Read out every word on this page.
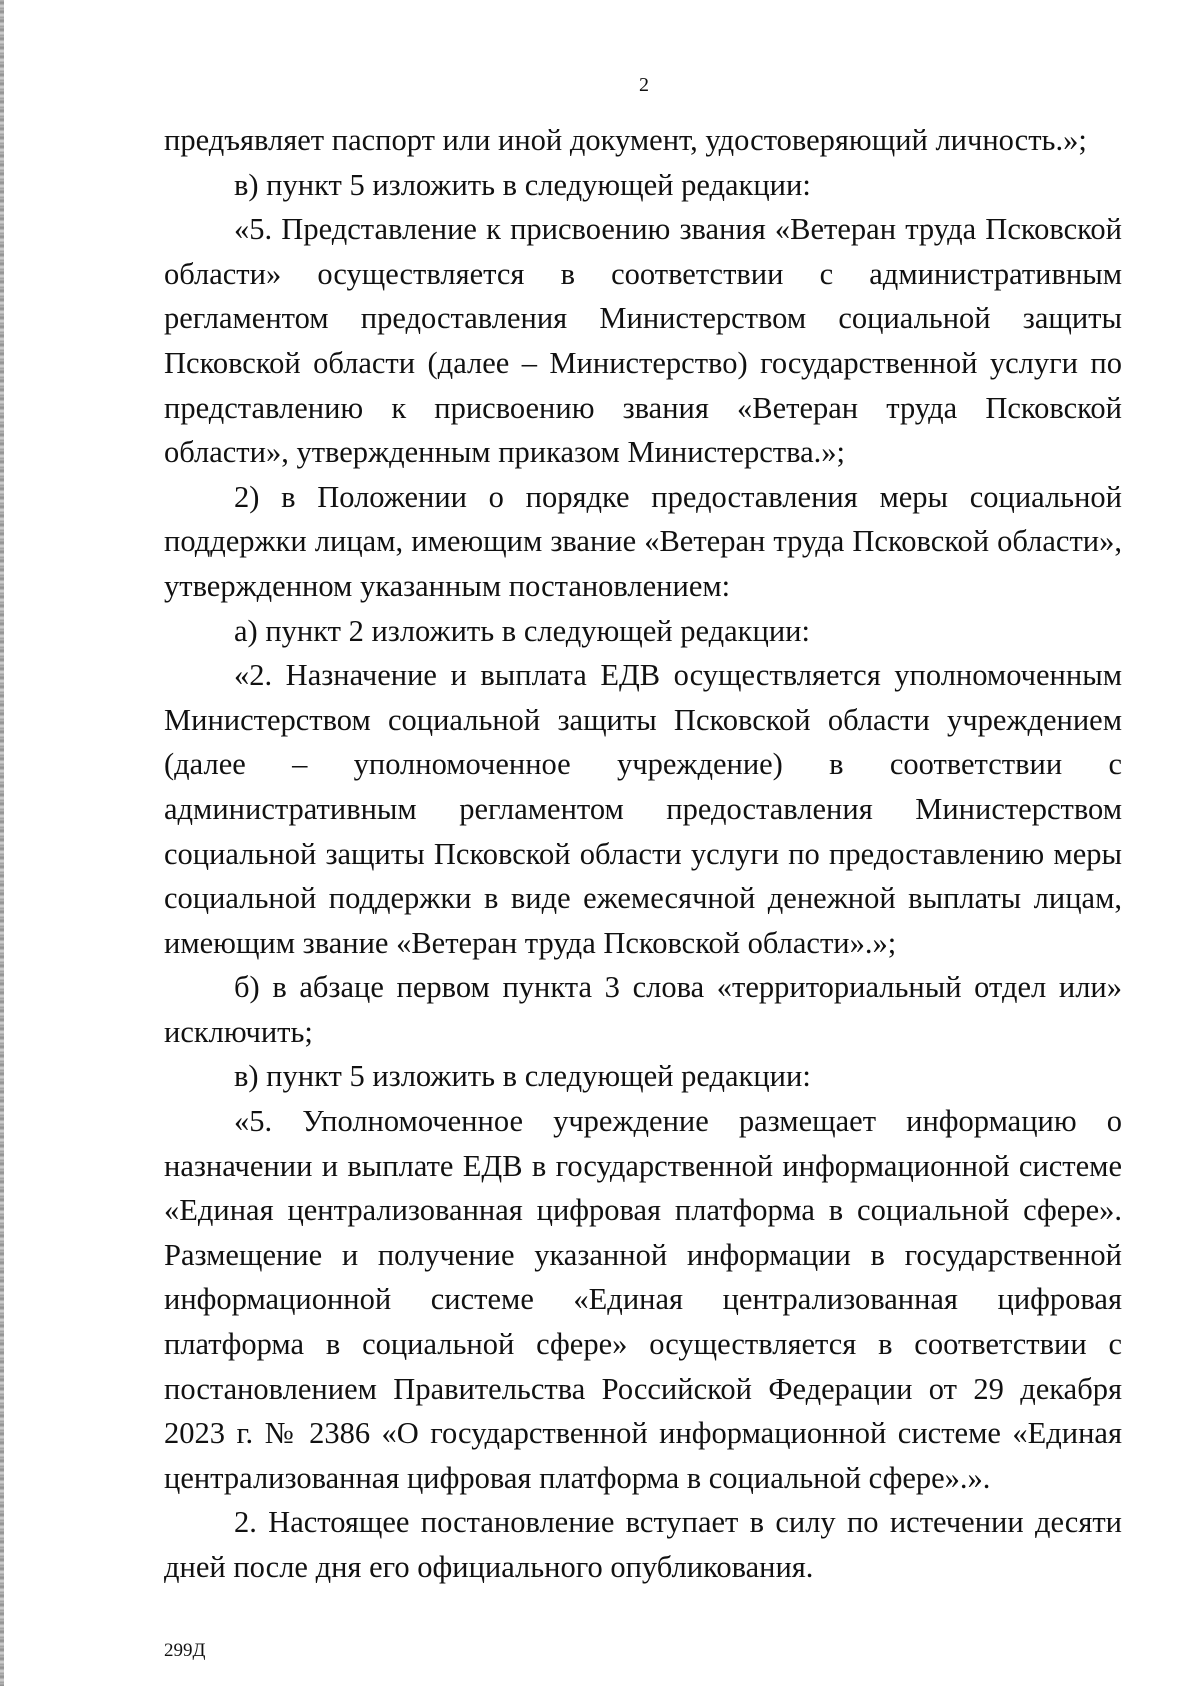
2

предъявляет паспорт или иной документ, удостоверяющий личность.»;

в) пункт 5 изложить в следующей редакции:

«5. Представление к присвоению звания «Ветеран труда Псковской области» осуществляется в соответствии с административным регламентом предоставления Министерством социальной защиты Псковской области (далее – Министерство) государственной услуги по представлению к присвоению звания «Ветеран труда Псковской области», утвержденным приказом Министерства.»;

2) в Положении о порядке предоставления меры социальной поддержки лицам, имеющим звание «Ветеран труда Псковской области», утвержденном указанным постановлением:

а) пункт 2 изложить в следующей редакции:

«2. Назначение и выплата ЕДВ осуществляется уполномоченным Министерством социальной защиты Псковской области учреждением (далее – уполномоченное учреждение) в соответствии с административным регламентом предоставления Министерством социальной защиты Псковской области услуги по предоставлению меры социальной поддержки в виде ежемесячной денежной выплаты лицам, имеющим звание «Ветеран труда Псковской области».»;

б) в абзаце первом пункта 3 слова «территориальный отдел или» исключить;

в) пункт 5 изложить в следующей редакции:

«5. Уполномоченное учреждение размещает информацию о назначении и выплате ЕДВ в государственной информационной системе «Единая централизованная цифровая платформа в социальной сфере». Размещение и получение указанной информации в государственной информационной системе «Единая централизованная цифровая платформа в социальной сфере» осуществляется в соответствии с постановлением Правительства Российской Федерации от 29 декабря 2023 г. № 2386 «О государственной информационной системе «Единая централизованная цифровая платформа в социальной сфере».».

2. Настоящее постановление вступает в силу по истечении десяти дней после дня его официального опубликования.

299Д
